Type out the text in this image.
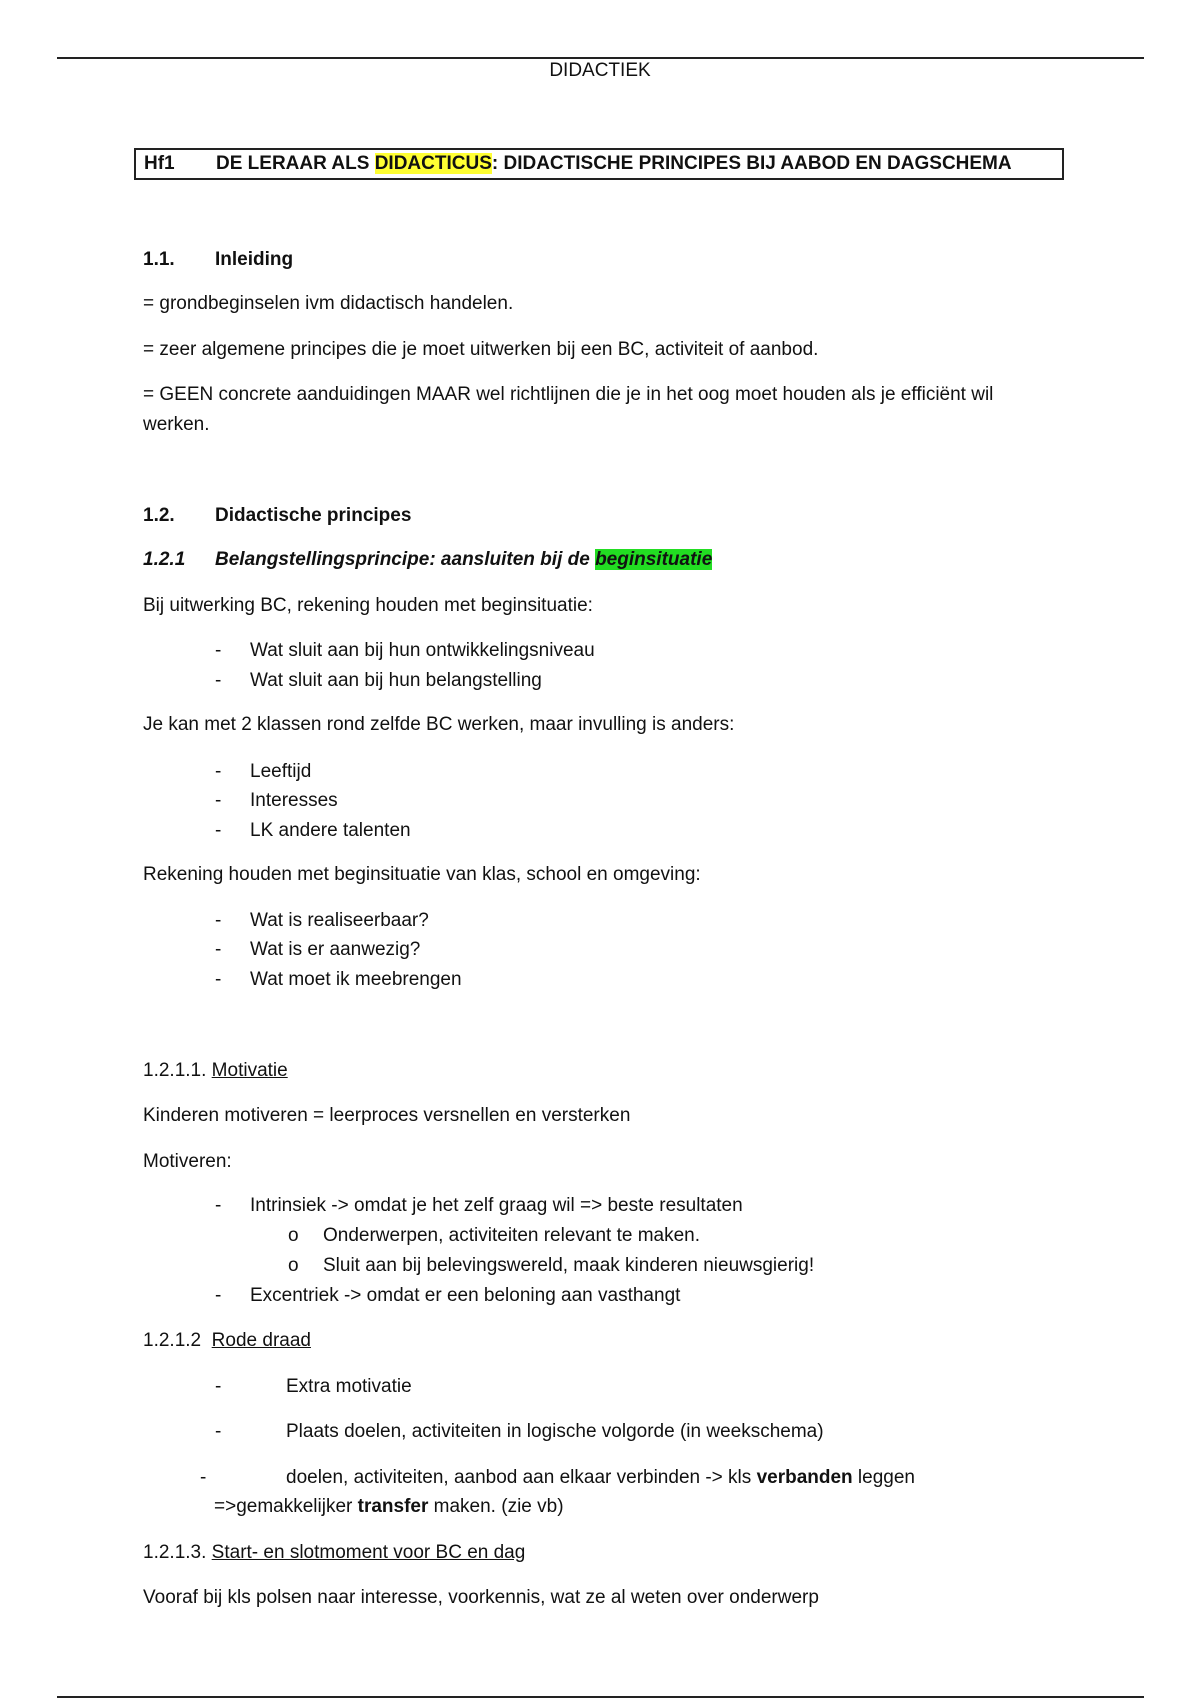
DIDACTIEK
Hf1 DE LERAAR ALS DIDACTICUS: DIDACTISCHE PRINCIPES BIJ AABOD EN DAGSCHEMA
1.1. Inleiding
= grondbeginselen ivm didactisch handelen.
= zeer algemene principes die je moet uitwerken bij een BC, activiteit of aanbod.
= GEEN concrete aanduidingen MAAR wel richtlijnen die je in het oog moet houden als je efficiënt wil
werken.
1.2. Didactische principes
1.2.1 Belangstellingsprincipe: aansluiten bij de beginsituatie
Bij uitwerking BC, rekening houden met beginsituatie:
- Wat sluit aan bij hun ontwikkelingsniveau
- Wat sluit aan bij hun belangstelling
Je kan met 2 klassen rond zelfde BC werken, maar invulling is anders:
- Leeftijd
- Interesses
- LK andere talenten
Rekening houden met beginsituatie van klas, school en omgeving:
- Wat is realiseerbaar?
- Wat is er aanwezig?
- Wat moet ik meebrengen
1.2.1.1. Motivatie
Kinderen motiveren = leerproces versnellen en versterken
Motiveren:
- Intrinsiek -> omdat je het zelf graag wil => beste resultaten
o Onderwerpen, activiteiten relevant te maken.
o Sluit aan bij belevingswereld, maak kinderen nieuwsgierig!
- Excentriek -> omdat er een beloning aan vasthangt
1.2.1.2 Rode draad
-	Extra motivatie
-	Plaats doelen, activiteiten in logische volgorde (in weekschema)
-	doelen, activiteiten, aanbod aan elkaar verbinden -> kls verbanden leggen
=>gemakkelijker transfer maken. (zie vb)
1.2.1.3. Start- en slotmoment voor BC en dag
Vooraf bij kls polsen naar interesse, voorkennis, wat ze al weten over onderwerp
